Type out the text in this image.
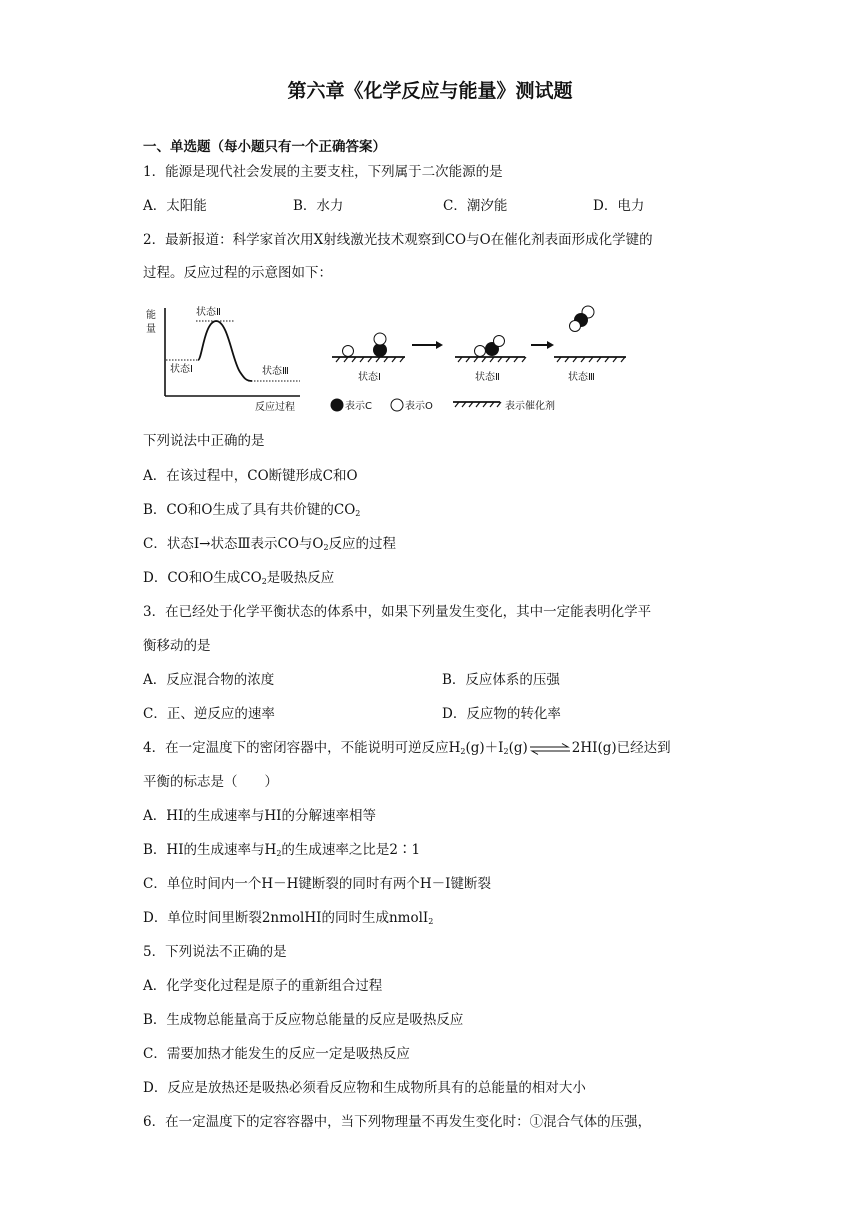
第六章《化学反应与能量》测试题
一、单选题（每小题只有一个正确答案）
1．能源是现代社会发展的主要支柱，下列属于二次能源的是
A．太阳能	B．水力	C．潮汐能	D．电力
2．最新报道：科学家首次用X射线激光技术观察到CO与O在催化剂表面形成化学键的
过程。反应过程的示意图如下：
能
量
状态Ⅱ
状态Ⅰ	状态Ⅲ
反应过程
状态Ⅰ	状态Ⅱ	状态Ⅲ
表示C	表示O	表示催化剂
下列说法中正确的是
A．在该过程中，CO断键形成C和O
B．CO和O生成了具有共价键的$CO_2$
C．状态Ⅰ→状态Ⅲ表示CO与$O_2$反应的过程
D．CO和O生成$CO_2$是吸热反应
3．在已经处于化学平衡状态的体系中，如果下列量发生变化，其中一定能表明化学平
衡移动的是
A．反应混合物的浓度	B．反应体系的压强
C．正、逆反应的速率	D．反应物的转化率
4．在一定温度下的密闭容器中，不能说明可逆反应$H_2(g)+I_2(g)\rightleftharpoons 2HI(g)$已经达到
平衡的标志是（　　）
A．HI的生成速率与HI的分解速率相等
B．HI的生成速率与$H_2$的生成速率之比是2∶1
C．单位时间内一个H－H键断裂的同时有两个H－I键断裂
D．单位时间里断裂2nmolHI的同时生成nmolI$_2$
5．下列说法不正确的是
A．化学变化过程是原子的重新组合过程
B．生成物总能量高于反应物总能量的反应是吸热反应
C．需要加热才能发生的反应一定是吸热反应
D．反应是放热还是吸热必须看反应物和生成物所具有的总能量的相对大小
6．在一定温度下的定容容器中，当下列物理量不再发生变化时：①混合气体的压强，
